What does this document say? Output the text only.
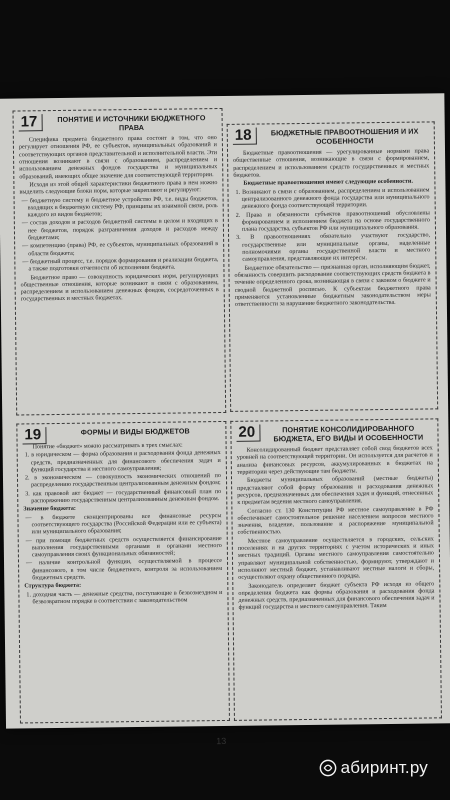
17	ПОНЯТИЕ И ИСТОЧНИКИ БЮДЖЕТНОГО ПРАВА

Специфика предмета бюджетного права состоит в том, что оно регулирует отношения РФ, ее субъектов, муниципальных образований и соответствующих органов представительной и исполнительной власти. Эти отношения возникают в связи с образованием, распределением и использованием денежных фондов государства и муниципальных образований, имеющих общее значение для соответствующей территории.

Исходя из этой общей характеристики бюджетного права в нем можно выделить следующие блоки норм, которые закрепляют и регулируют:

— бюджетную систему и бюджетное устройство РФ, т.е. виды бюджетов, входящих в бюджетную систему РФ, принципы их взаимной связи, роль каждого из видов бюджетов;

— состав доходов и расходов бюджетной системы в целом и входящих в нее бюджетов, порядок разграничения доходов и расходов между бюджетами;

— компетенцию (права) РФ, ее субъектов, муниципальных образований в области бюджета;

— бюджетный процесс, т.е. порядок формирования и реализации бюджета, а также подготовки отчетности об исполнении бюджета.

Бюджетное право — совокупность юридических норм, регулирующих общественные отношения, которые возникают в связи с образованием, распределением и использованием денежных фондов, сосредоточенных в государственных и местных бюджетах.

18	БЮДЖЕТНЫЕ ПРАВООТНОШЕНИЯ И ИХ ОСОБЕННОСТИ

Бюджетные правоотношения — урегулированные нормами права общественные отношения, возникающие в связи с формированием, распределением и использованием средств государственных и местных бюджетов.

Бюджетные правоотношения имеют следующие особенности.

1. Возникают в связи с образованием, распределением и использованием централизованного денежного фонда государства или муниципального денежного фонда соответствующей территории.

2. Права и обязанности субъектов правоотношений обусловлены формированием и исполнением бюджета на основе государственного плана государства, субъектов РФ или муниципального образования.

3. В правоотношениях обязательно участвуют государство, государственные или муниципальные органы, наделенные полномочиями органы государственной власти и местного самоуправления, представляющие их интересы.

Бюджетное обязательство — признанная орган, исполняющим бюджет, обязанность совершить расходование соответствующих средств бюджета в течение определенного срока, возникающая в связи с законом о бюджете и сводной бюджетной росписью. К субъектам бюджетного права применяются установленные бюджетным законодательством меры ответственности за нарушение бюджетного законодательства.

19	ФОРМЫ И ВИДЫ БЮДЖЕТОВ

Понятие «бюджет» можно рассматривать в трех смыслах:

1. в юридическом — форма образования и расходования фонда денежных средств, предназначенных для финансового обеспечения задач и функций государства и местного самоуправления;

2. в экономическом — совокупность экономических отношений по распределению государственным централизованным денежным фондом;

3. как правовой акт бюджет — государственный финансовый план по распоряжению государственным централизованным денежным фондом.

Значение бюджета:

— в бюджете сконцентрированы все финансовые ресурсы соответствующего государства (Российской Федерации или ее субъекта) или муниципального образования;

— при помощи бюджетных средств осуществляется финансирование выполнения государственными органами и органами местного самоуправления своих функциональных обязанностей;

— наличие контрольной функции, осуществляемой в процессе финансового, в том числе бюджетного, контроля за использованием бюджетных средств.

Структура бюджета:

1. доходная часть — денежные средства, поступающие в безвозмездном и безвозвратном порядке в соответствии с законодательством

20	ПОНЯТИЕ КОНСОЛИДИРОВАННОГО БЮДЖЕТА, ЕГО ВИДЫ И ОСОБЕННОСТИ

Консолидированный бюджет представляет собой свод бюджетов всех уровней на соответствующей территории. Он используется для расчетов и анализа финансовых ресурсов, аккумулированных в бюджетах на территории через действующие там бюджеты.

Бюджеты муниципальных образований (местные бюджеты) представляют собой форму образования и расходования денежных ресурсов, предназначенных для обеспечения задач и функций, отнесенных к предметам ведения местного самоуправления.

Согласно ст. 130 Конституции РФ местное самоуправление в РФ обеспечивает самостоятельное решение населением вопросов местного значения, владение, пользование и распоряжение муниципальной собственностью.

Местное самоуправление осуществляется в городских, сельских поселениях и на других территориях с учетом исторических и иных местных традиций. Органы местного самоуправления самостоятельно управляют муниципальной собственностью, формируют, утверждают и исполняют местный бюджет, устанавливают местные налоги и сборы, осуществляют охрану общественного порядка.

Законодатель определяет бюджет субъекта РФ исходя из общего определения бюджета как формы образования и расходования фонда денежных средств, предназначенных для финансового обеспечения задач и функций государства и местного самоуправления. Таким

13
абиринт.ру
